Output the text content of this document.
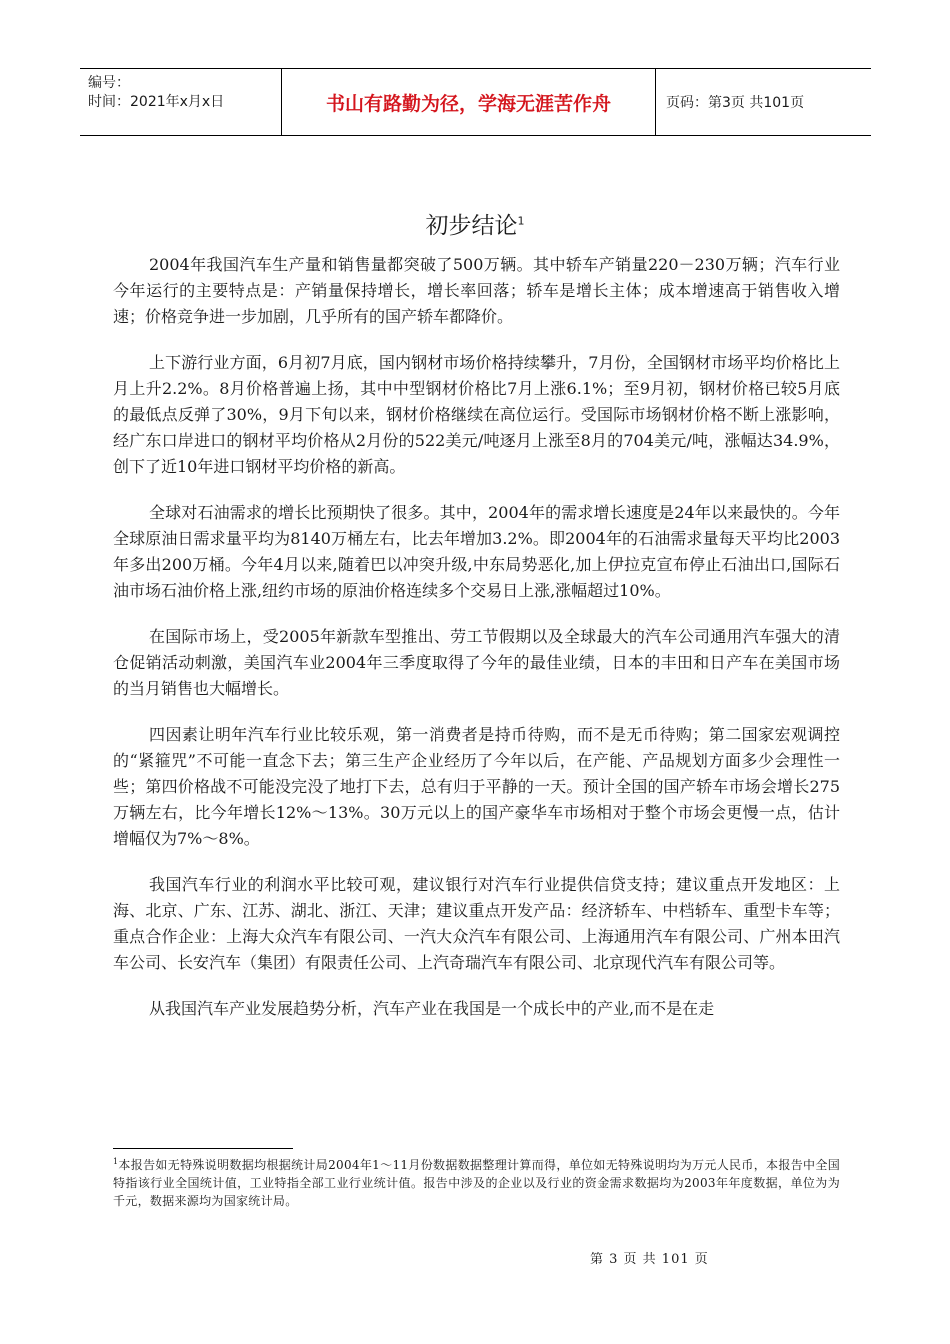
编号：
时间：2021年x月x日	书山有路勤为径，学海无涯苦作舟	页码：第3页 共101页
初步结论$^1$

2004年我国汽车生产量和销售量都突破了500万辆。其中轿车产销量220－230万辆；汽车行业今年运行的主要特点是：产销量保持增长，增长率回落；轿车是增长主体；成本增速高于销售收入增速；价格竞争进一步加剧，几乎所有的国产轿车都降价。

上下游行业方面，6月初7月底，国内钢材市场价格持续攀升，7月份，全国钢材市场平均价格比上月上升2.2%。8月价格普遍上扬，其中中型钢材价格比7月上涨6.1%；至9月初，钢材价格已较5月底的最低点反弹了30%，9月下旬以来，钢材价格继续在高位运行。受国际市场钢材价格不断上涨影响，经广东口岸进口的钢材平均价格从2月份的522美元/吨逐月上涨至8月的704美元/吨，涨幅达34.9%，创下了近10年进口钢材平均价格的新高。

全球对石油需求的增长比预期快了很多。其中，2004年的需求增长速度是24年以来最快的。今年全球原油日需求量平均为8140万桶左右，比去年增加3.2%。即2004年的石油需求量每天平均比2003年多出200万桶。今年4月以来,随着巴以冲突升级,中东局势恶化,加上伊拉克宣布停止石油出口,国际石油市场石油价格上涨,纽约市场的原油价格连续多个交易日上涨,涨幅超过10%。

在国际市场上，受2005年新款车型推出、劳工节假期以及全球最大的汽车公司通用汽车强大的清仓促销活动刺激，美国汽车业2004年三季度取得了今年的最佳业绩，日本的丰田和日产车在美国市场的当月销售也大幅增长。

四因素让明年汽车行业比较乐观，第一消费者是持币待购，而不是无币待购；第二国家宏观调控的“紧箍咒”不可能一直念下去；第三生产企业经历了今年以后，在产能、产品规划方面多少会理性一些；第四价格战不可能没完没了地打下去，总有归于平静的一天。预计全国的国产轿车市场会增长275万辆左右，比今年增长12%～13%。30万元以上的国产豪华车市场相对于整个市场会更慢一点，估计增幅仅为7%～8%。

我国汽车行业的利润水平比较可观，建议银行对汽车行业提供信贷支持；建议重点开发地区：上海、北京、广东、江苏、湖北、浙江、天津；建议重点开发产品：经济轿车、中档轿车、重型卡车等；重点合作企业：上海大众汽车有限公司、一汽大众汽车有限公司、上海通用汽车有限公司、广州本田汽车公司、长安汽车（集团）有限责任公司、上汽奇瑞汽车有限公司、北京现代汽车有限公司等。

从我国汽车产业发展趋势分析，汽车产业在我国是一个成长中的产业,而不是在走

$^1$本报告如无特殊说明数据均根据统计局2004年1～11月份数据数据整理计算而得，单位如无特殊说明均为万元人民币，本报告中全国特指该行业全国统计值，工业特指全部工业行业统计值。报告中涉及的企业以及行业的资金需求数据均为2003年年度数据，单位为为千元，数据来源均为国家统计局。
第 3 页 共 101 页
